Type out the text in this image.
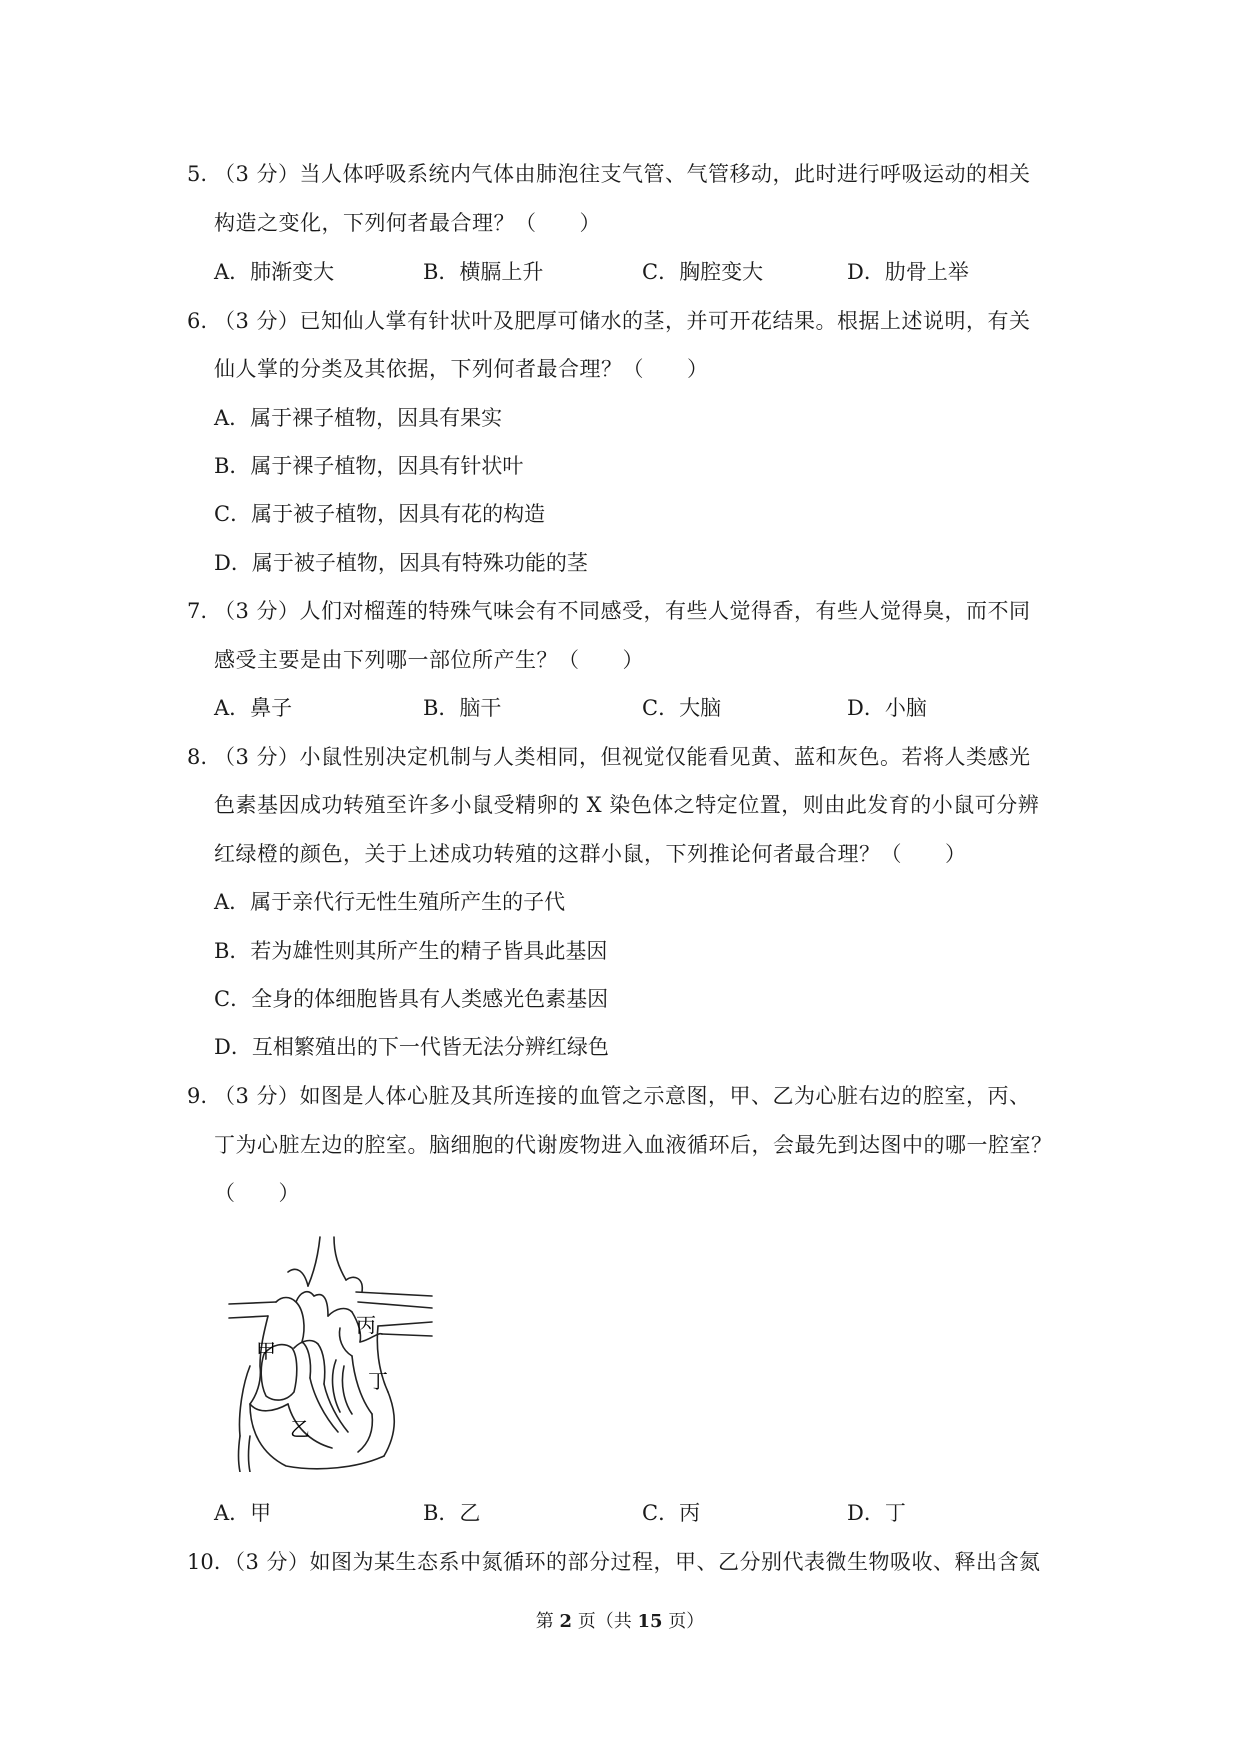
5. （3 分）当人体呼吸系统内气体由肺泡往支气管、气管移动，此时进行呼吸运动的相关
构造之变化，下列何者最合理？（　　）
A．肺渐变大	B．横膈上升	C．胸腔变大	D．肋骨上举
6. （3 分）已知仙人掌有针状叶及肥厚可储水的茎，并可开花结果。根据上述说明，有关
仙人掌的分类及其依据，下列何者最合理？（　　）
A．属于裸子植物，因具有果实
B．属于裸子植物，因具有针状叶
C．属于被子植物，因具有花的构造
D．属于被子植物，因具有特殊功能的茎
7. （3 分）人们对榴莲的特殊气味会有不同感受，有些人觉得香，有些人觉得臭，而不同
感受主要是由下列哪一部位所产生？（　　）
A．鼻子	B．脑干	C．大脑	D．小脑
8. （3 分）小鼠性别决定机制与人类相同，但视觉仅能看见黄、蓝和灰色。若将人类感光
色素基因成功转殖至许多小鼠受精卵的 X 染色体之特定位置，则由此发育的小鼠可分辨
红绿橙的颜色，关于上述成功转殖的这群小鼠，下列推论何者最合理？（　　）
A．属于亲代行无性生殖所产生的子代
B．若为雄性则其所产生的精子皆具此基因
C．全身的体细胞皆具有人类感光色素基因
D．互相繁殖出的下一代皆无法分辨红绿色
9. （3 分）如图是人体心脏及其所连接的血管之示意图，甲、乙为心脏右边的腔室，丙、
丁为心脏左边的腔室。脑细胞的代谢废物进入血液循环后，会最先到达图中的哪一腔室？
（　　）
甲
乙
丙
丁
A．甲	B．乙	C．丙	D．丁
10. （3 分）如图为某生态系中氮循环的部分过程，甲、乙分别代表微生物吸收、释出含氮
第 2 页（共 15 页）
